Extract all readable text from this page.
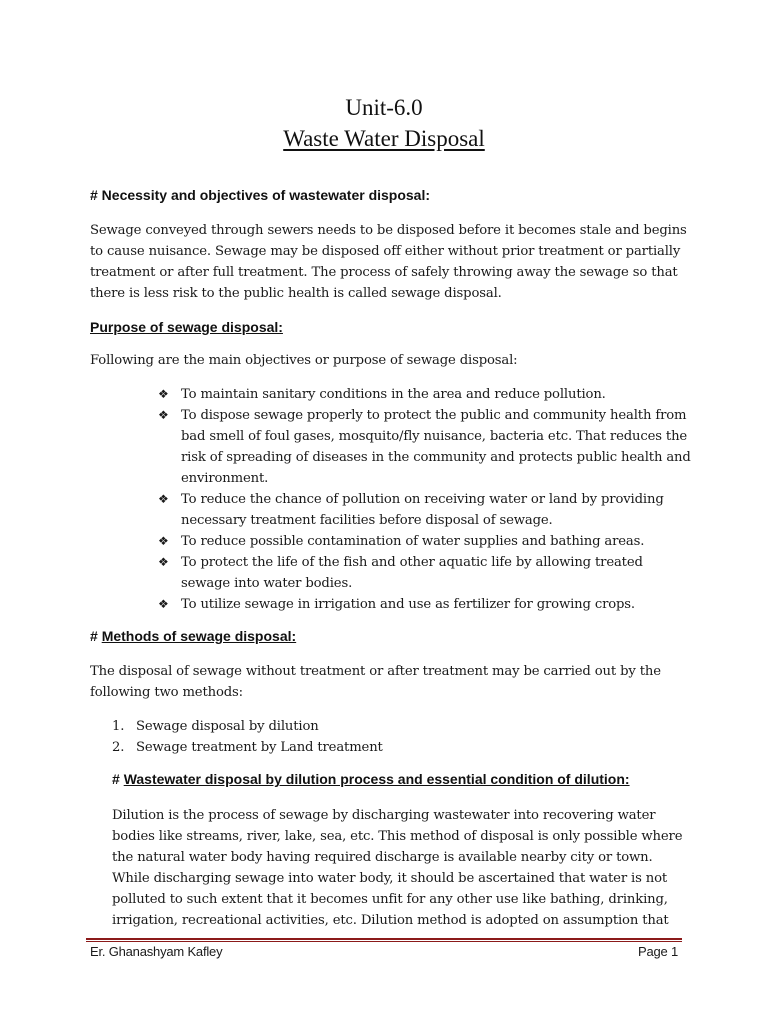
Unit-6.0
Waste Water Disposal
# Necessity and objectives of wastewater disposal:
Sewage conveyed through sewers needs to be disposed before it becomes stale and begins
to cause nuisance. Sewage may be disposed off either without prior treatment or partially
treatment or after full treatment. The process of safely throwing away the sewage so that
there is less risk to the public health is called sewage disposal.
Purpose of sewage disposal:
Following are the main objectives or purpose of sewage disposal:
❖ To maintain sanitary conditions in the area and reduce pollution.
❖ To dispose sewage properly to protect the public and community health from
bad smell of foul gases, mosquito/fly nuisance, bacteria etc. That reduces the
risk of spreading of diseases in the community and protects public health and
environment.
❖ To reduce the chance of pollution on receiving water or land by providing
necessary treatment facilities before disposal of sewage.
❖ To reduce possible contamination of water supplies and bathing areas.
❖ To protect the life of the fish and other aquatic life by allowing treated
sewage into water bodies.
❖ To utilize sewage in irrigation and use as fertilizer for growing crops.
# Methods of sewage disposal:
The disposal of sewage without treatment or after treatment may be carried out by the
following two methods:
1. Sewage disposal by dilution
2. Sewage treatment by Land treatment
# Wastewater disposal by dilution process and essential condition of dilution:
Dilution is the process of sewage by discharging wastewater into recovering water
bodies like streams, river, lake, sea, etc. This method of disposal is only possible where
the natural water body having required discharge is available nearby city or town.
While discharging sewage into water body, it should be ascertained that water is not
polluted to such extent that it becomes unfit for any other use like bathing, drinking,
irrigation, recreational activities, etc. Dilution method is adopted on assumption that
Er. Ghanashyam Kafley	Page 1
